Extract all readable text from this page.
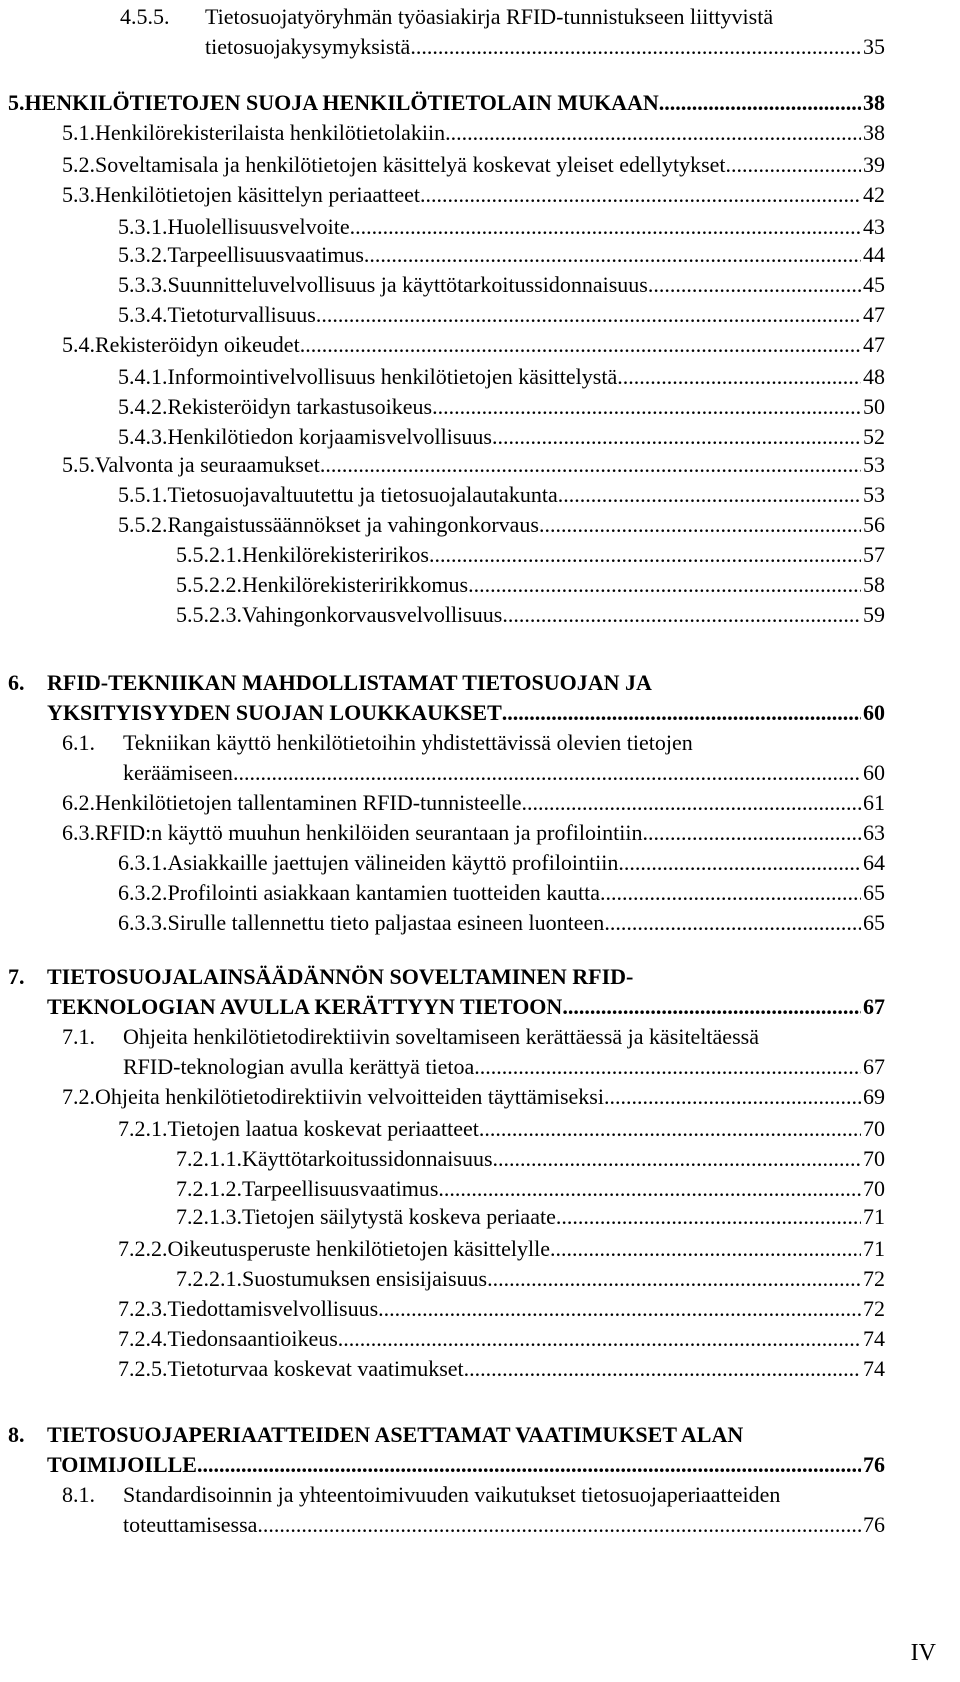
4.5.5.	Tietosuojatyöryhmän työasiakirja RFID-tunnistukseen liittyvistä
tietosuojakysymyksistä .....	35
5. HENKILÖTIETOJEN SUOJA HENKILÖTIETOLAIN MUKAAN .....	38
5.1. Henkilörekisterilaista henkilötietolakiin .....	38
5.2. Soveltamisala ja henkilötietojen käsittelyä koskevat yleiset edellytykset .....	39
5.3. Henkilötietojen käsittelyn periaatteet .....	42
5.3.1. Huolellisuusvelvoite .....	43
5.3.2. Tarpeellisuusvaatimus .....	44
5.3.3. Suunnitteluvelvollisuus ja käyttötarkoitussidonnaisuus .....	45
5.3.4. Tietoturvallisuus .....	47
5.4. Rekisteröidyn oikeudet .....	47
5.4.1. Informointivelvollisuus henkilötietojen käsittelystä .....	48
5.4.2. Rekisteröidyn tarkastusoikeus .....	50
5.4.3. Henkilötiedon korjaamisvelvollisuus .....	52
5.5. Valvonta ja seuraamukset .....	53
5.5.1. Tietosuojavaltuutettu ja tietosuojalautakunta .....	53
5.5.2. Rangaistussäännökset ja vahingonkorvaus .....	56
5.5.2.1. Henkilörekisteririkos .....	57
5.5.2.2. Henkilörekisteririkkomus .....	58
5.5.2.3. Vahingonkorvausvelvollisuus .....	59
6.	RFID-TEKNIIKAN MAHDOLLISTAMAT TIETOSUOJAN JA
YKSITYISYYDEN SUOJAN LOUKKAUKSET .....	60
6.1.	Tekniikan käyttö henkilötietoihin yhdistettävissä olevien tietojen
keräämiseen .....	60
6.2. Henkilötietojen tallentaminen RFID-tunnisteelle .....	61
6.3. RFID:n käyttö muuhun henkilöiden seurantaan ja profilointiin .....	63
6.3.1. Asiakkaille jaettujen välineiden käyttö profilointiin .....	64
6.3.2. Profilointi asiakkaan kantamien tuotteiden kautta .....	65
6.3.3. Sirulle tallennettu tieto paljastaa esineen luonteen .....	65
7.	TIETOSUOJALAINSÄÄDÄNNÖN SOVELTAMINEN RFID-
TEKNOLOGIAN AVULLA KERÄTTYYN TIETOON .....	67
7.1.	Ohjeita henkilötietodirektiivin soveltamiseen kerättäessä ja käsiteltäessä
RFID-teknologian avulla kerättyä tietoa .....	67
7.2. Ohjeita henkilötietodirektiivin velvoitteiden täyttämiseksi .....	69
7.2.1. Tietojen laatua koskevat periaatteet .....	70
7.2.1.1. Käyttötarkoitussidonnaisuus .....	70
7.2.1.2. Tarpeellisuusvaatimus .....	70
7.2.1.3. Tietojen säilytystä koskeva periaate .....	71
7.2.2. Oikeutusperuste henkilötietojen käsittelylle .....	71
7.2.2.1. Suostumuksen ensisijaisuus .....	72
7.2.3. Tiedottamisvelvollisuus .....	72
7.2.4. Tiedonsaantioikeus .....	74
7.2.5. Tietoturvaa koskevat vaatimukset .....	74
8.	TIETOSUOJAPERIAATTEIDEN ASETTAMAT VAATIMUKSET ALAN
TOIMIJOILLE .....	76
8.1.	Standardisoinnin ja yhteentoimivuuden vaikutukset tietosuojaperiaatteiden
toteuttamisessa .....	76
IV
